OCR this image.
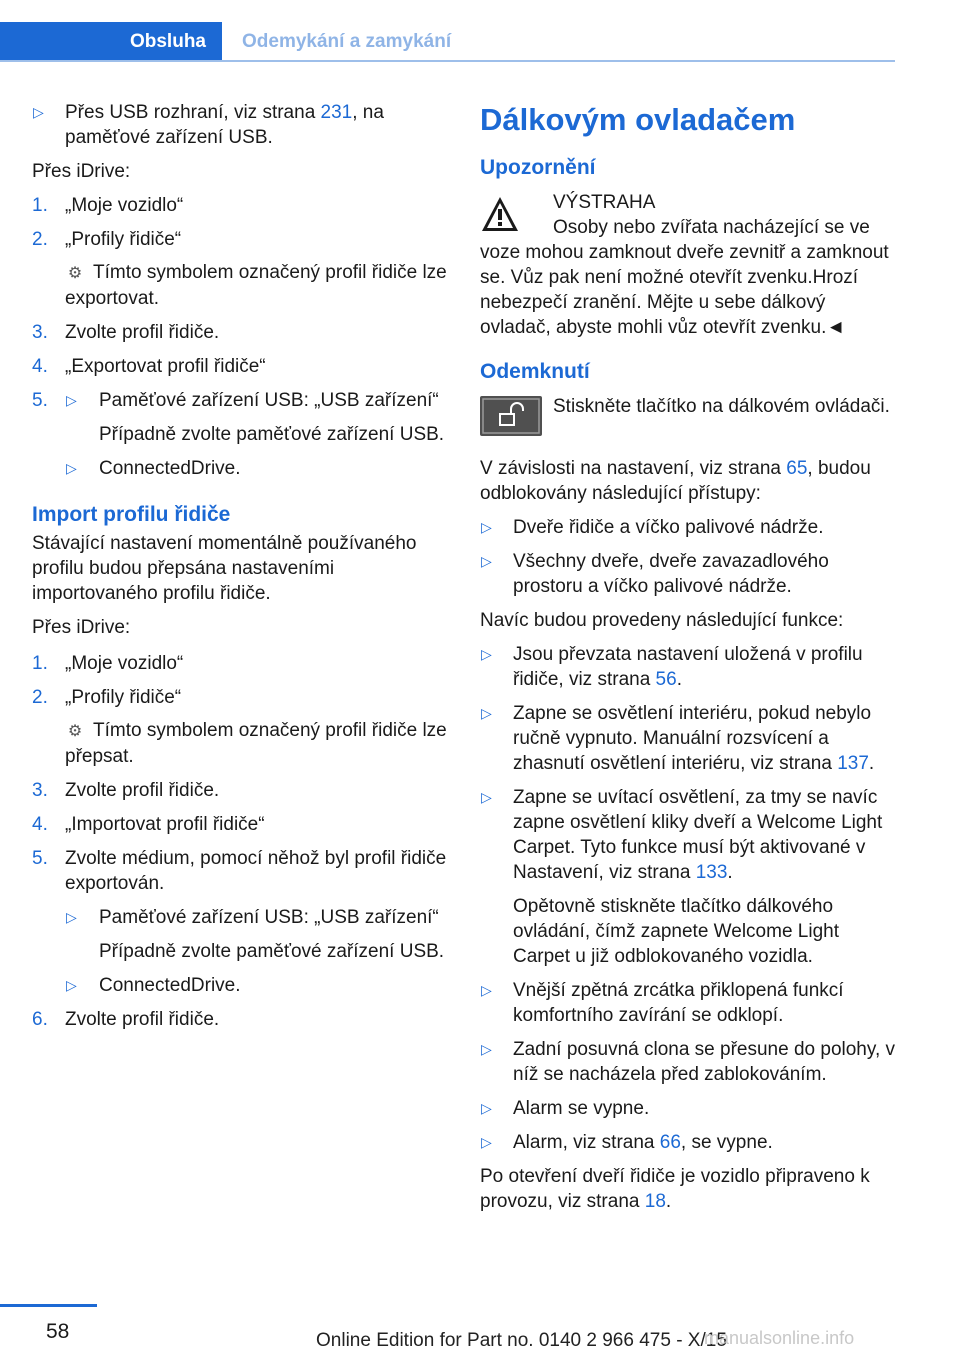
Obsluha	Odemykání a zamykání
▷ Přes USB rozhraní, viz strana 231, na paměťové zařízení USB.

Přes iDrive:

1. „Moje vozidlo“
2. „Profily řidiče“
⚙ Tímto symbolem označený profil řidiče lze exportovat.
3. Zvolte profil řidiče.
4. „Exportovat profil řidiče“
5. ▷ Paměťové zařízení USB: „USB zařízení“
Případně zvolte paměťové zařízení USB.
▷ ConnectedDrive.
Import profilu řidiče

Stávající nastavení momentálně používaného profilu budou přepsána nastaveními importovaného profilu řidiče.

Přes iDrive:

1. „Moje vozidlo“
2. „Profily řidiče“
⚙ Tímto symbolem označený profil řidiče lze přepsat.
3. Zvolte profil řidiče.
4. „Importovat profil řidiče“
5. Zvolte médium, pomocí něhož byl profil řidiče exportován.
▷ Paměťové zařízení USB: „USB zařízení“
Případně zvolte paměťové zařízení USB.
▷ ConnectedDrive.
6. Zvolte profil řidiče.
Dálkovým ovladačem
Upozornění
VÝSTRAHA

Osoby nebo zvířata nacházející se ve voze mohou zamknout dveře zevnitř a zamknout se. Vůz pak není možné otevřít zvenku.Hrozí nebezpečí zranění. Mějte u sebe dálkový ovladač, abyste mohli vůz otevřít zvenku.◄

Odemknutí
Stiskněte tlačítko na dálkovém ovládači.

V závislosti na nastavení, viz strana 65, budou odblokovány následující přístupy:

▷ Dveře řidiče a víčko palivové nádrže.
▷ Všechny dveře, dveře zavazadlového prostoru a víčko palivové nádrže.

Navíc budou provedeny následující funkce:

▷ Jsou převzata nastavení uložená v profilu řidiče, viz strana 56.
▷ Zapne se osvětlení interiéru, pokud nebylo ručně vypnuto. Manuální rozsvícení a zhasnutí osvětlení interiéru, viz strana 137.
▷ Zapne se uvítací osvětlení, za tmy se navíc zapne osvětlení kliky dveří a Welcome Light Carpet. Tyto funkce musí být aktivované v Nastavení, viz strana 133.
Opětovně stiskněte tlačítko dálkového ovládání, čímž zapnete Welcome Light Carpet u již odblokovaného vozidla.
▷ Vnější zpětná zrcátka přiklopená funkcí komfortního zavírání se odklopí.
▷ Zadní posuvná clona se přesune do polohy, v níž se nacházela před zablokováním.
▷ Alarm se vypne.
▷ Alarm, viz strana 66, se vypne.

Po otevření dveří řidiče je vozidlo připraveno k provozu, viz strana 18.

58	Online Edition for Part no. 0140 2 966 475 - X/15
manualsonline.info
